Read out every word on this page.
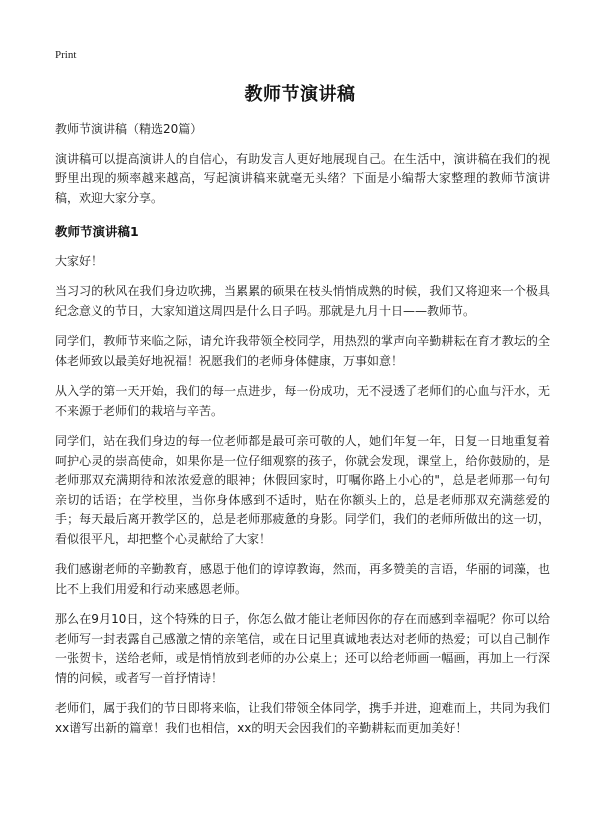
Print
教师节演讲稿

教师节演讲稿（精选20篇）

演讲稿可以提高演讲人的自信心，有助发言人更好地展现自己。在生活中，演讲稿在我们的视野里出现的频率越来越高，写起演讲稿来就毫无头绪？下面是小编帮大家整理的教师节演讲稿，欢迎大家分享。

教师节演讲稿1

大家好！

当习习的秋风在我们身边吹拂，当累累的硕果在枝头悄悄成熟的时候，我们又将迎来一个极具纪念意义的节日，大家知道这周四是什么日子吗。那就是九月十日——教师节。

同学们，教师节来临之际，请允许我带领全校同学，用热烈的掌声向辛勤耕耘在育才教坛的全体老师致以最美好地祝福！祝愿我们的老师身体健康，万事如意！

从入学的第一天开始，我们的每一点进步，每一份成功，无不浸透了老师们的心血与汗水，无不来源于老师们的栽培与辛苦。

同学们，站在我们身边的每一位老师都是最可亲可敬的人，她们年复一年，日复一日地重复着呵护心灵的崇高使命，如果你是一位仔细观察的孩子，你就会发现，课堂上，给你鼓励的，是老师那双充满期待和浓浓爱意的眼神；休假回家时，叮嘱你路上小心的"，总是老师那一句句亲切的话语；在学校里，当你身体感到不适时，贴在你额头上的，总是老师那双充满慈爱的手；每天最后离开教学区的，总是老师那疲惫的身影。同学们，我们的老师所做出的这一切，看似很平凡，却把整个心灵献给了大家！

我们感谢老师的辛勤教育，感恩于他们的谆谆教诲，然而，再多赞美的言语，华丽的词藻，也比不上我们用爱和行动来感恩老师。

那么在9月10日，这个特殊的日子，你怎么做才能让老师因你的存在而感到幸福呢？你可以给老师写一封表露自己感激之情的亲笔信，或在日记里真诚地表达对老师的热爱；可以自己制作一张贺卡，送给老师，或是悄悄放到老师的办公桌上；还可以给老师画一幅画，再加上一行深情的问候，或者写一首抒情诗！

老师们，属于我们的节日即将来临，让我们带领全体同学，携手并进，迎难而上，共同为我们xx谱写出新的篇章！我们也相信，xx的明天会因我们的辛勤耕耘而更加美好！
